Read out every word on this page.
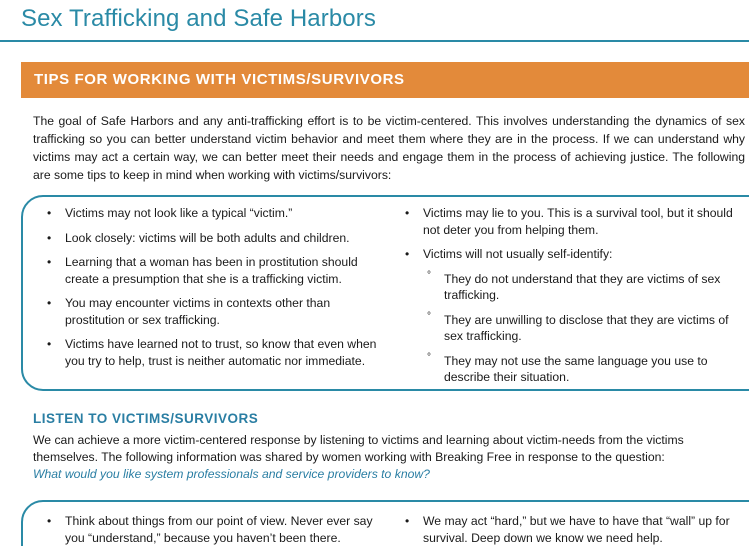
Sex Trafficking and Safe Harbors
TIPS FOR WORKING WITH VICTIMS/SURVIVORS

The goal of Safe Harbors and any anti-trafficking effort is to be victim-centered. This involves understanding the dynamics of sex trafficking so you can better understand victim behavior and meet them where they are in the process. If we can understand why victims may act a certain way, we can better meet their needs and engage them in the process of achieving justice. The following are some tips to keep in mind when working with victims/survivors:

• Victims may not look like a typical “victim.”
• Look closely: victims will be both adults and children.
• Learning that a woman has been in prostitution should create a presumption that she is a trafficking victim.
• You may encounter victims in contexts other than prostitution or sex trafficking.
• Victims have learned not to trust, so know that even when you try to help, trust is neither automatic nor immediate.
• Victims may lie to you. This is a survival tool, but it should not deter you from helping them.
• Victims will not usually self-identify:
° They do not understand that they are victims of sex trafficking.
° They are unwilling to disclose that they are victims of sex trafficking.
° They may not use the same language you use to describe their situation.
LISTEN TO VICTIMS/SURVIVORS
We can achieve a more victim-centered response by listening to victims and learning about victim-needs from the victims themselves. The following information was shared by women working with Breaking Free in response to the question:
What would you like system professionals and service providers to know?
• Think about things from our point of view. Never ever say you “understand,” because you haven’t been there.
• We may act “hard,” but we have to have that “wall” up for survival. Deep down we know we need help.
